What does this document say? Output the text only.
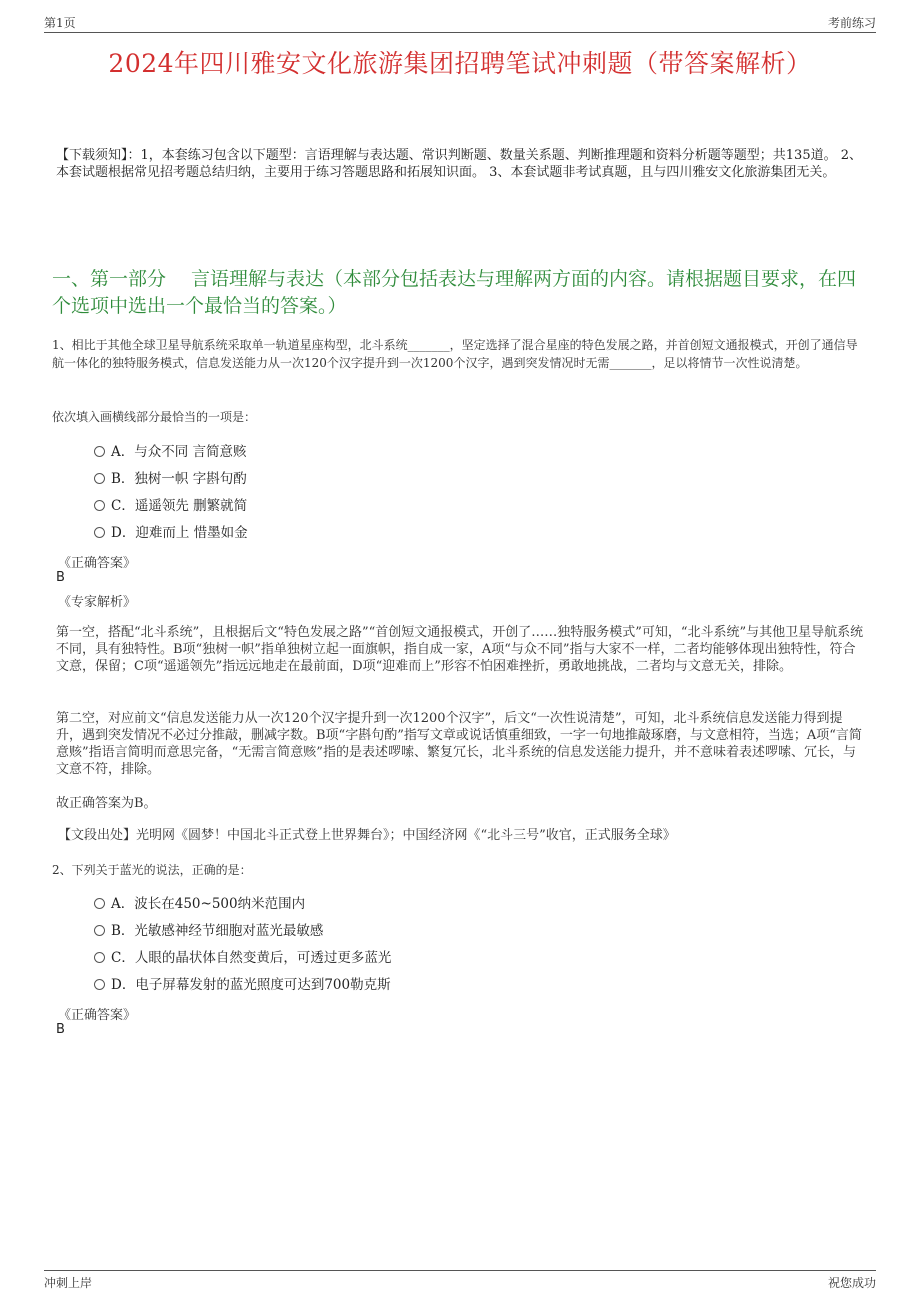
第1页	考前练习
2024年四川雅安文化旅游集团招聘笔试冲刺题（带答案解析）
【下载须知】：1，本套练习包含以下题型：言语理解与表达题、常识判断题、数量关系题、判断推理题和资料分析题等题型；共135道。 2、本套试题根据常见招考题总结归纳，主要用于练习答题思路和拓展知识面。 3、本套试题非考试真题，且与四川雅安文化旅游集团无关。
一、第一部分　 言语理解与表达（本部分包括表达与理解两方面的内容。请根据题目要求，在四个选项中选出一个最恰当的答案。）
1、相比于其他全球卫星导航系统采取单一轨道星座构型，北斗系统_______，坚定选择了混合星座的特色发展之路，并首创短文通报模式，开创了通信导航一体化的独特服务模式，信息发送能力从一次120个汉字提升到一次1200个汉字，遇到突发情况时无需_______，足以将情节一次性说清楚。
依次填入画横线部分最恰当的一项是：
A．与众不同 言简意赅
B．独树一帜 字斟句酌
C．遥遥领先 删繁就简
D．迎难而上 惜墨如金
《正确答案》
B
《专家解析》
第一空，搭配“北斗系统”，且根据后文“特色发展之路”“首创短文通报模式，开创了……独特服务模式”可知，“北斗系统”与其他卫星导航系统不同，具有独特性。B项“独树一帜”指单独树立起一面旗帜，指自成一家，A项“与众不同”指与大家不一样，二者均能够体现出独特性，符合文意，保留；C项“遥遥领先”指远远地走在最前面，D项“迎难而上”形容不怕困难挫折，勇敢地挑战，二者均与文意无关，排除。
第二空，对应前文“信息发送能力从一次120个汉字提升到一次1200个汉字”，后文“一次性说清楚”，可知，北斗系统信息发送能力得到提升，遇到突发情况不必过分推敲，删减字数。B项“字斟句酌”指写文章或说话慎重细致，一字一句地推敲琢磨，与文意相符，当选；A项“言简意赅”指语言简明而意思完备，“无需言简意赅”指的是表述啰嗦、繁复冗长，北斗系统的信息发送能力提升，并不意味着表述啰嗦、冗长，与文意不符，排除。
故正确答案为B。
【文段出处】光明网《圆梦！中国北斗正式登上世界舞台》；中国经济网《“北斗三号”收官，正式服务全球》
2、下列关于蓝光的说法，正确的是：
A．波长在450~500纳米范围内
B．光敏感神经节细胞对蓝光最敏感
C．人眼的晶状体自然变黄后，可透过更多蓝光
D．电子屏幕发射的蓝光照度可达到700勒克斯
《正确答案》
B
冲刺上岸	祝您成功
